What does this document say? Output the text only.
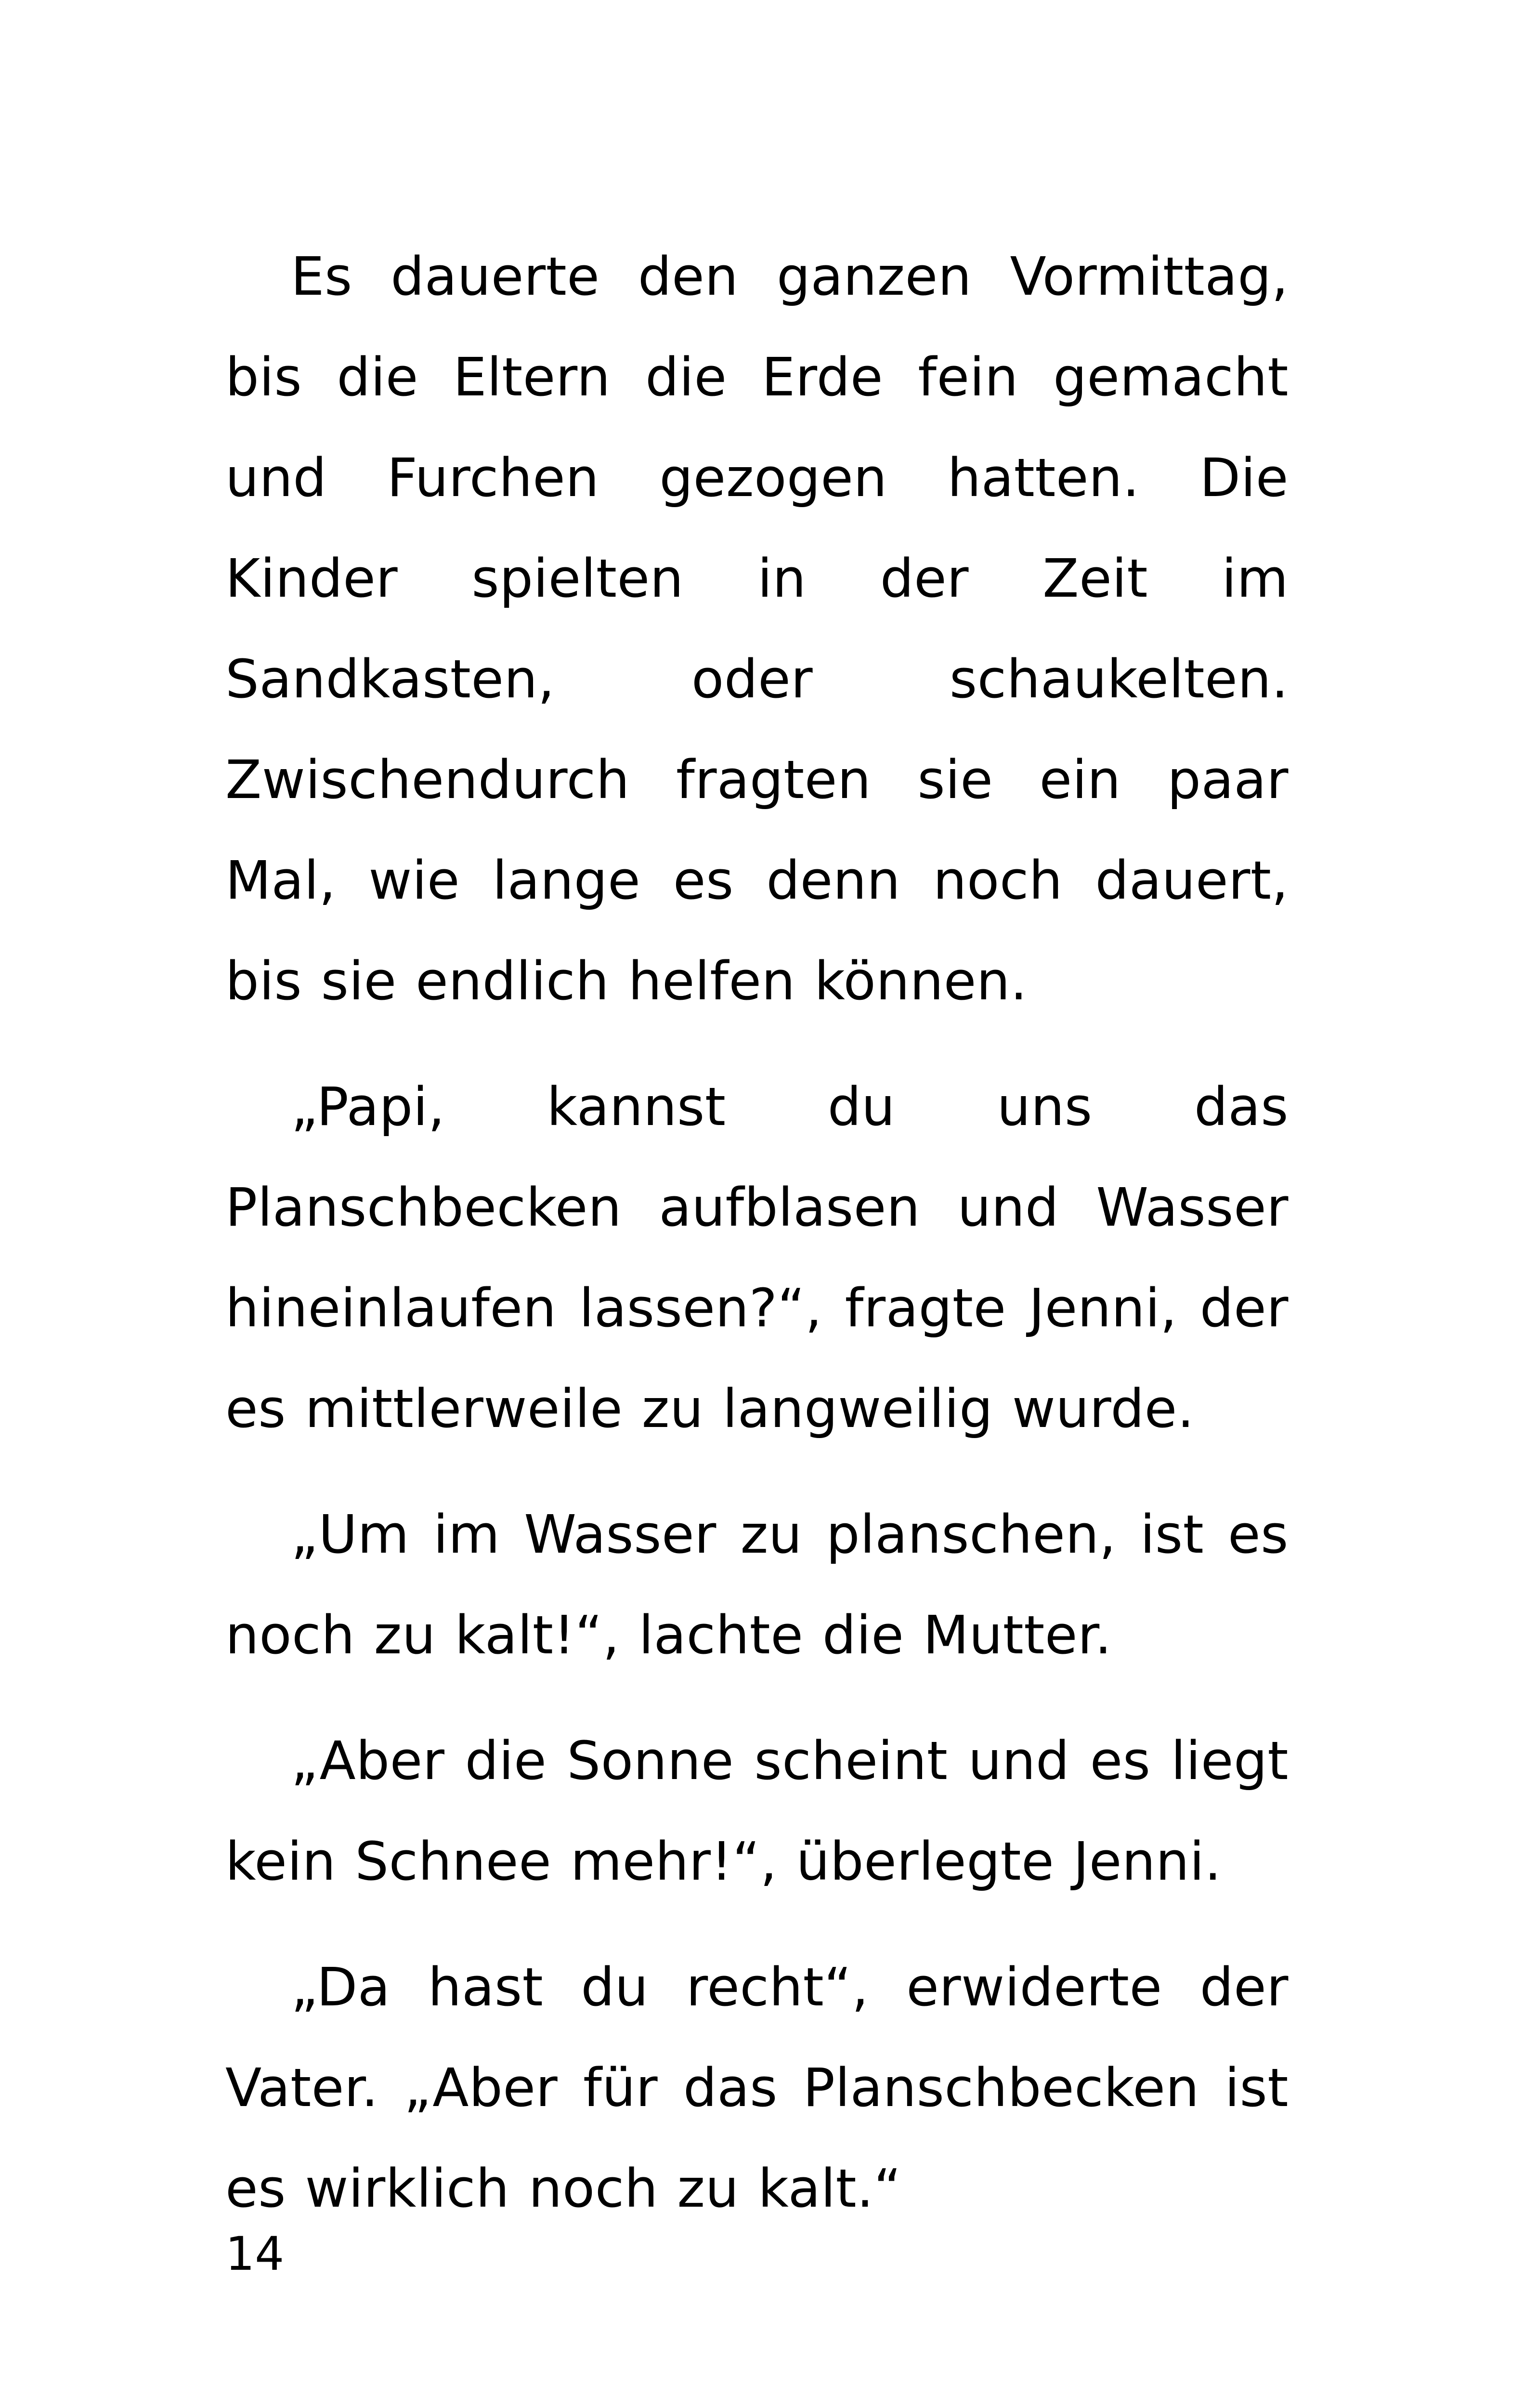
Es dauerte den ganzen Vormittag, bis die Eltern die Erde fein gemacht und Furchen gezogen hatten. Die Kinder spielten in der Zeit im Sandkasten, oder schaukelten. Zwischendurch fragten sie ein paar Mal, wie lange es denn noch dauert, bis sie endlich helfen können.

„Papi, kannst du uns das Planschbecken aufblasen und Wasser hineinlaufen lassen?“, fragte Jenni, der es mittlerweile zu langweilig wurde.

„Um im Wasser zu planschen, ist es noch zu kalt!“, lachte die Mutter.

„Aber die Sonne scheint und es liegt kein Schnee mehr!“, überlegte Jenni.

„Da hast du recht“, erwiderte der Vater. „Aber für das Planschbecken ist es wirklich noch zu kalt.“

14
